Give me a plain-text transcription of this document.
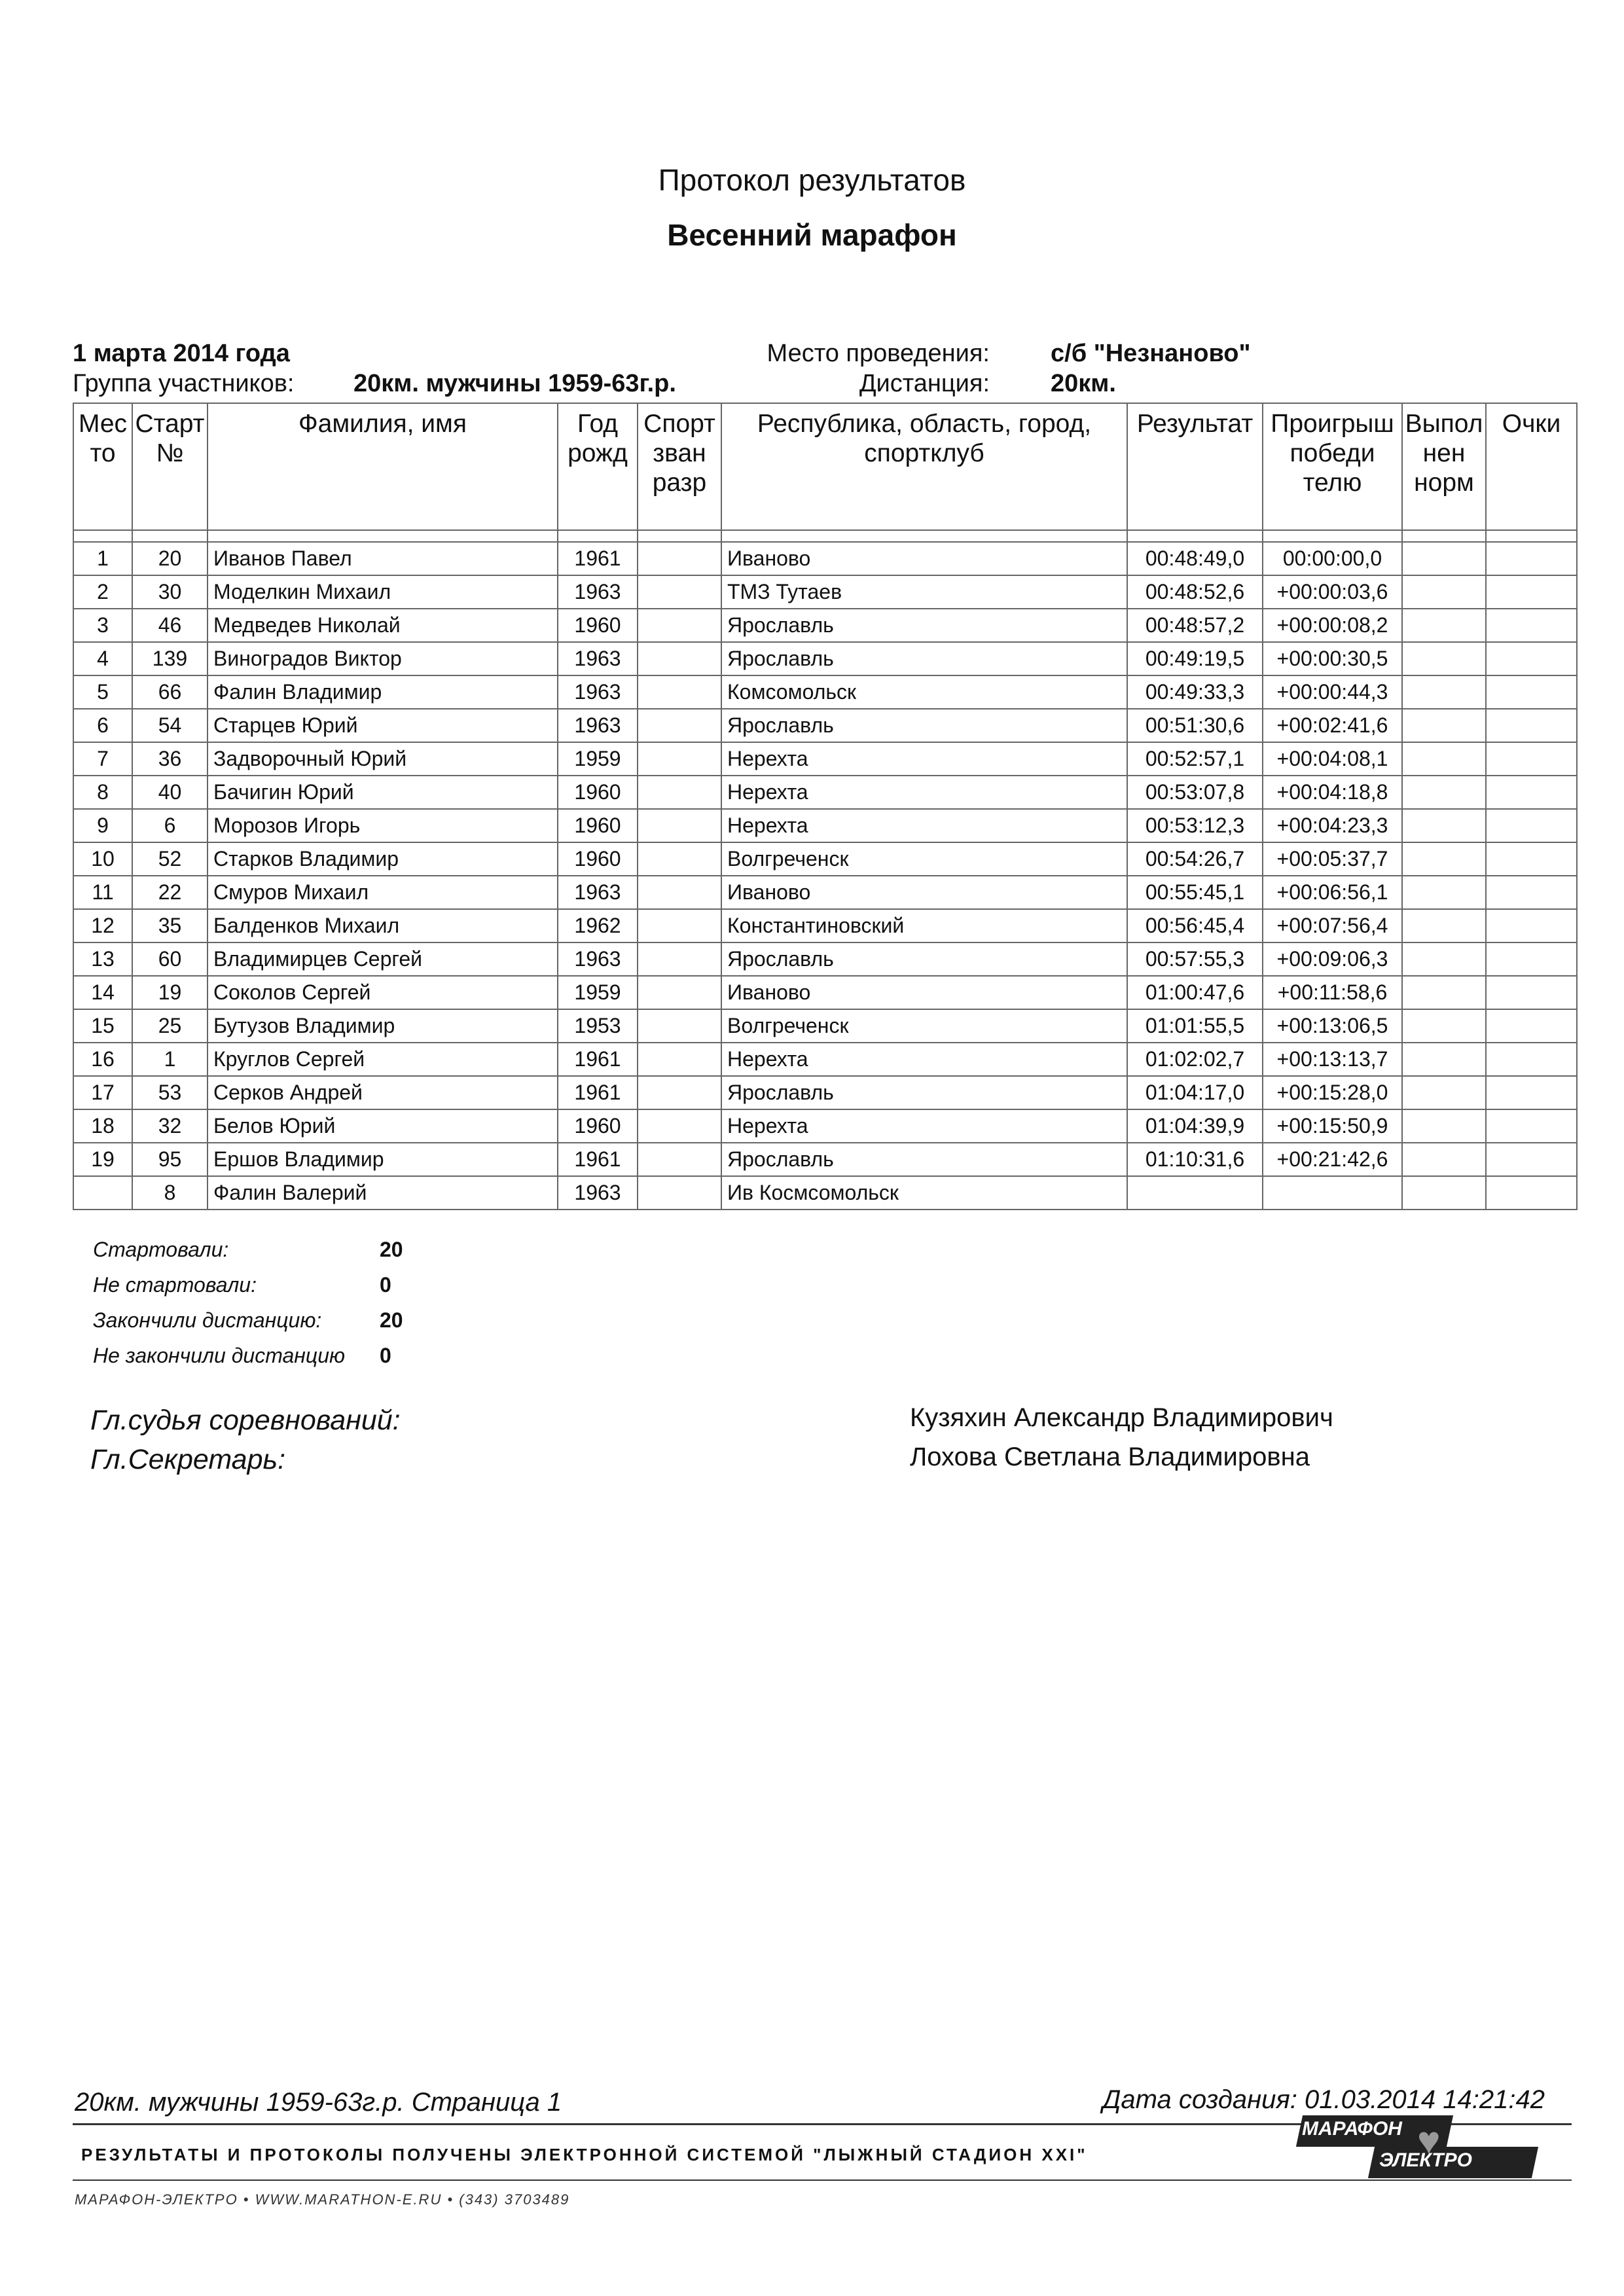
Протокол результатов
Весенний марафон
1 марта 2014 года
Группа участников: 20км. мужчины 1959-63г.р.
Место проведения: с/б "Незнаново"
Дистанция: 20км.
Мес то	Старт №	Фамилия, имя	Год рожд	Спорт зван разр	Республика, область, город, спортклуб	Результат	Проигрыш победи телю	Выпол нен норм	Очки

1	20	Иванов Павел	1961		Иваново	00:48:49,0	00:00:00,0		
2	30	Моделкин Михаил	1963		ТМЗ Тутаев	00:48:52,6	+00:00:03,6		
3	46	Медведев Николай	1960		Ярославль	00:48:57,2	+00:00:08,2		
4	139	Виноградов Виктор	1963		Ярославль	00:49:19,5	+00:00:30,5		
5	66	Фалин Владимир	1963		Комсомольск	00:49:33,3	+00:00:44,3		
6	54	Старцев Юрий	1963		Ярославль	00:51:30,6	+00:02:41,6		
7	36	Задворочный Юрий	1959		Нерехта	00:52:57,1	+00:04:08,1		
8	40	Бачигин Юрий	1960		Нерехта	00:53:07,8	+00:04:18,8		
9	6	Морозов Игорь	1960		Нерехта	00:53:12,3	+00:04:23,3		
10	52	Старков Владимир	1960		Волгреченск	00:54:26,7	+00:05:37,7		
11	22	Смуров Михаил	1963		Иваново	00:55:45,1	+00:06:56,1		
12	35	Балденков Михаил	1962		Константиновский	00:56:45,4	+00:07:56,4		
13	60	Владимирцев Сергей	1963		Ярославль	00:57:55,3	+00:09:06,3		
14	19	Соколов Сергей	1959		Иваново	01:00:47,6	+00:11:58,6		
15	25	Бутузов Владимир	1953		Волгреченск	01:01:55,5	+00:13:06,5		
16	1	Круглов Сергей	1961		Нерехта	01:02:02,7	+00:13:13,7		
17	53	Серков Андрей	1961		Ярославль	01:04:17,0	+00:15:28,0		
18	32	Белов Юрий	1960		Нерехта	01:04:39,9	+00:15:50,9		
19	95	Ершов Владимир	1961		Ярославль	01:10:31,6	+00:21:42,6		
	8	Фалин Валерий	1963		Ив Космсомольск				
Стартовали:	20
Не стартовали:	0
Закончили дистанцию:	20
Не закончили дистанцию 0
Гл.судья соревнований:
Гл.Секретарь:
Кузяхин Александр Владимирович
Лохова Светлана Владимировна
20км. мужчины 1959-63г.р. Страница 1	Дата создания: 01.03.2014 14:21:42
РЕЗУЛЬТАТЫ И ПРОТОКОЛЫ ПОЛУЧЕНЫ ЭЛЕКТРОННОЙ СИСТЕМОЙ "ЛЫЖНЫЙ СТАДИОН XXI"
МАРАФОН-ЭЛЕКТРО • WWW.MARATHON-E.RU • (343) 3703489
МАРАФОН
ЭЛЕКТРО
♥
